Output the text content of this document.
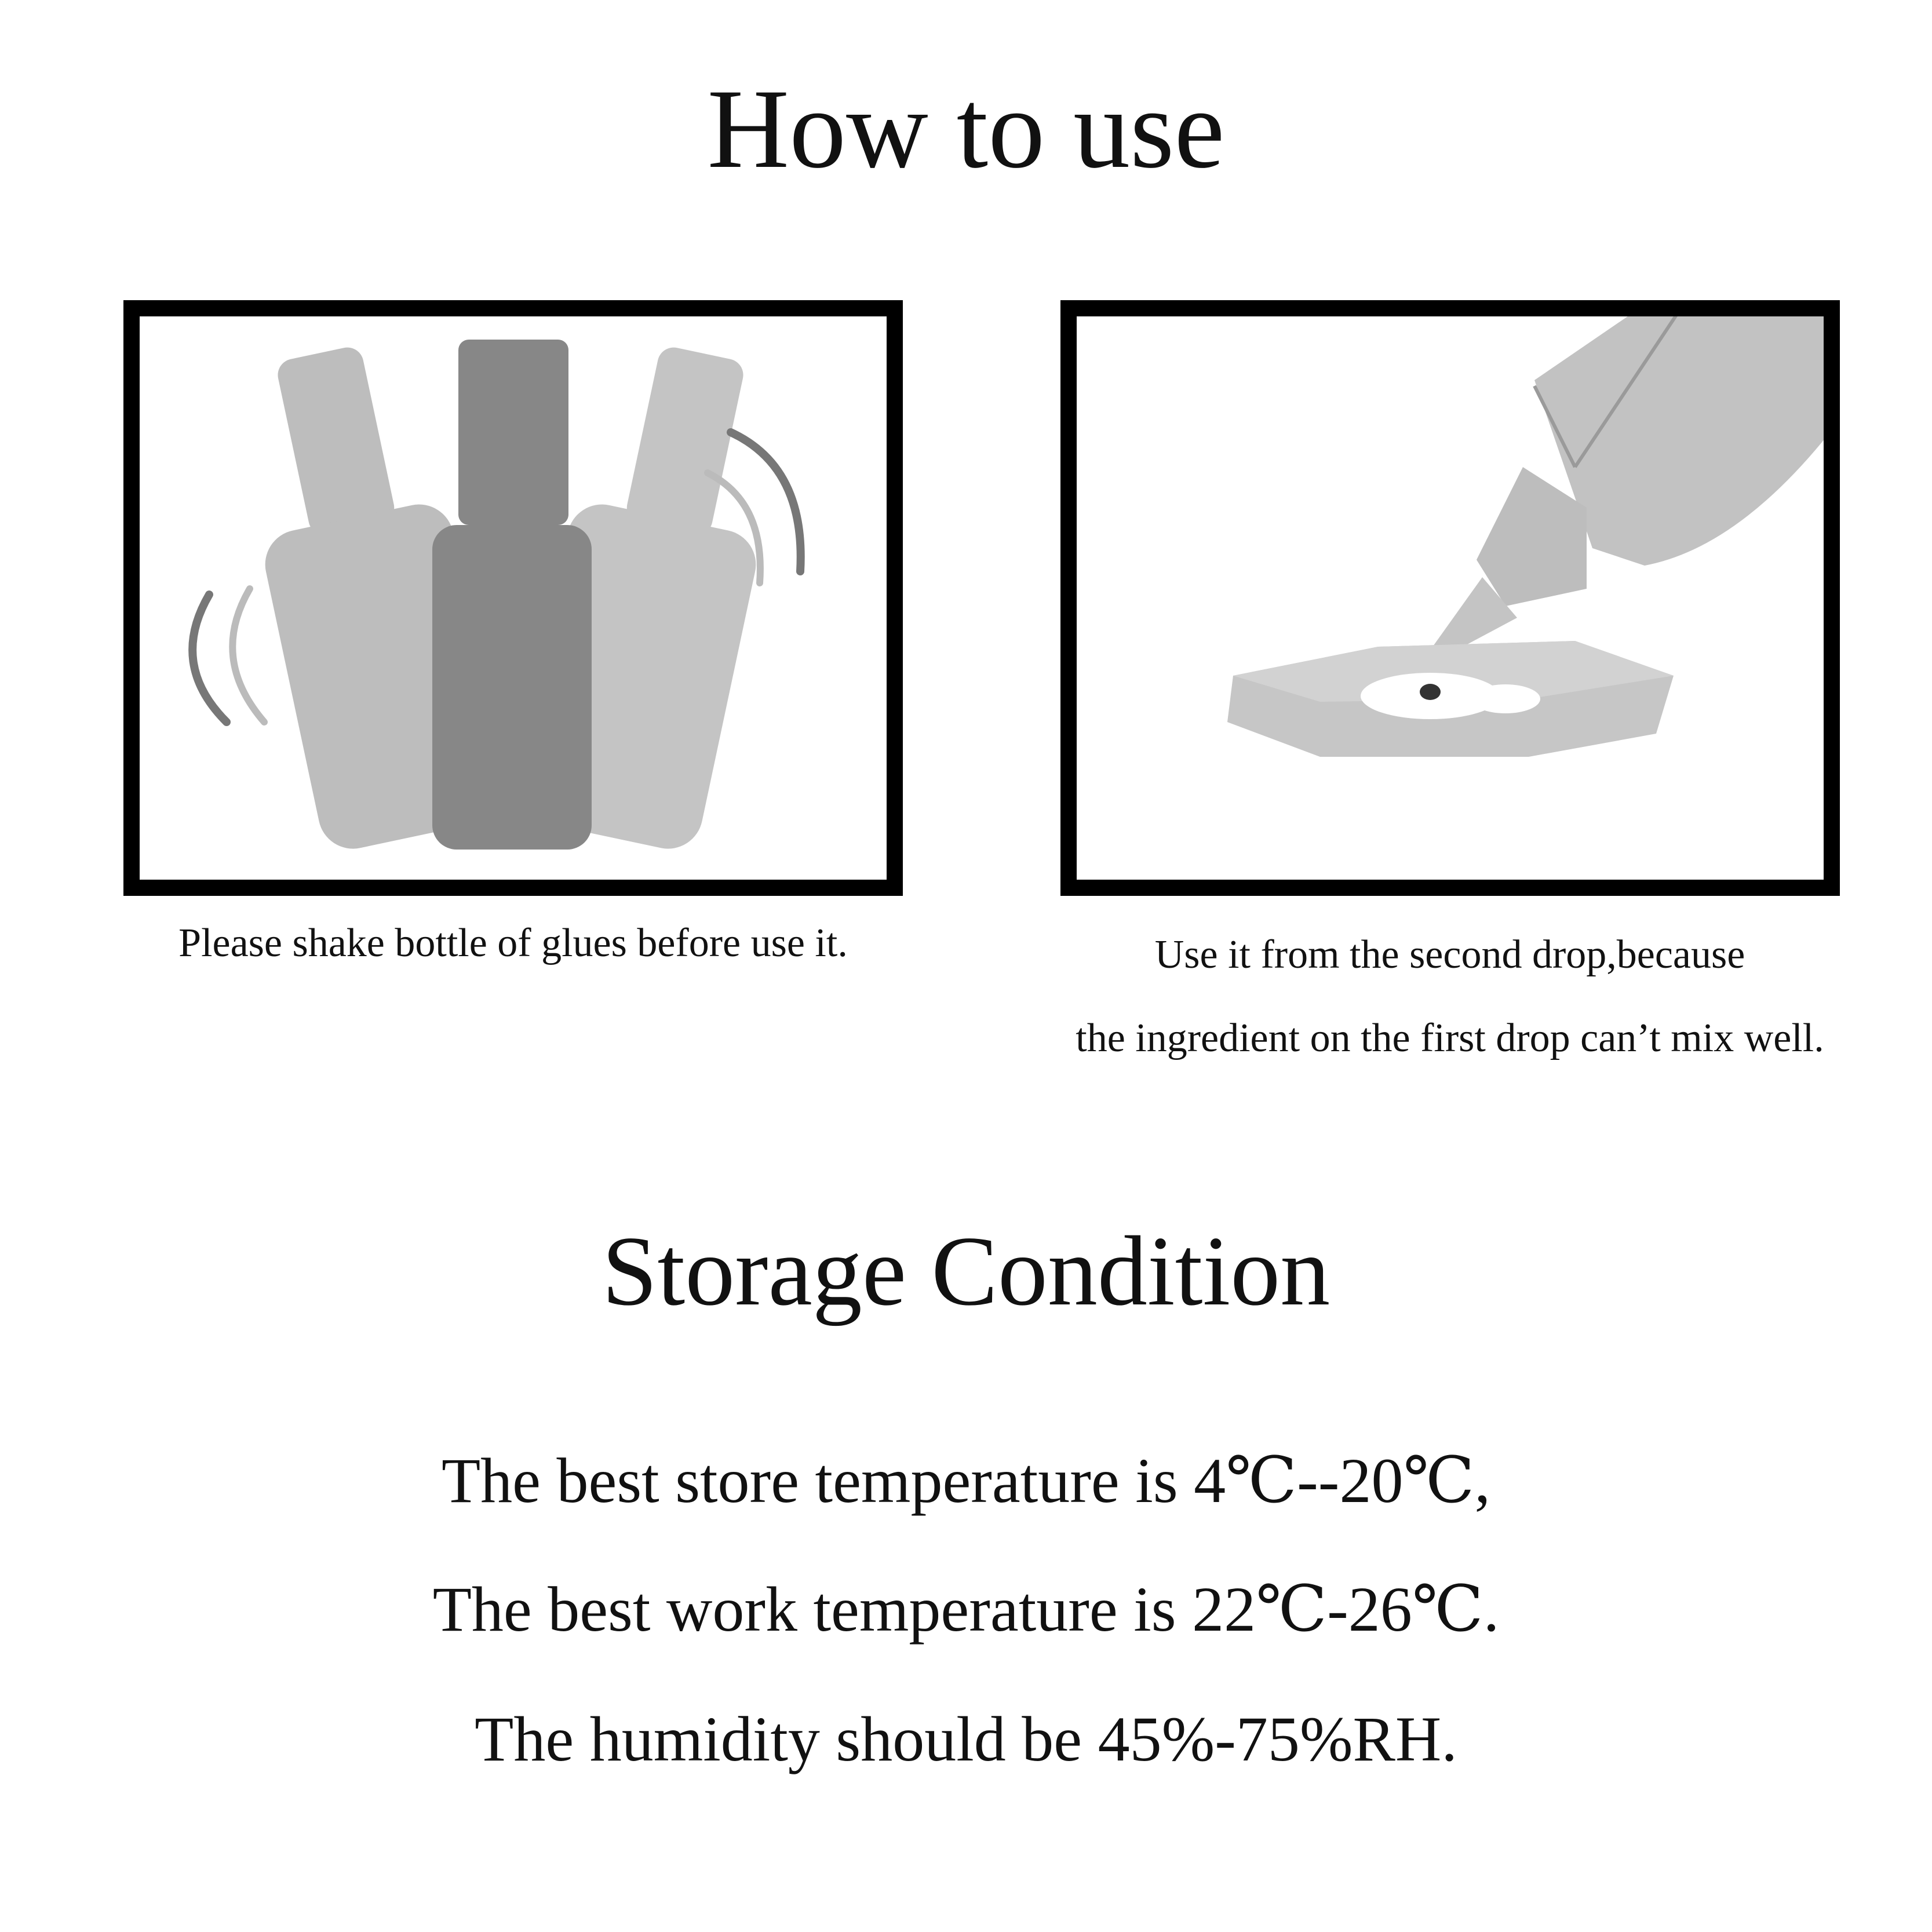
How to use
Please shake bottle of glues before use it.	Use it from the second drop,because
the ingredient on the first drop can’t mix well.
Storage Condition
The best store temperature is 4℃--20℃,
The best work temperature is 22℃-26℃.
The humidity should be 45%-75%RH.
